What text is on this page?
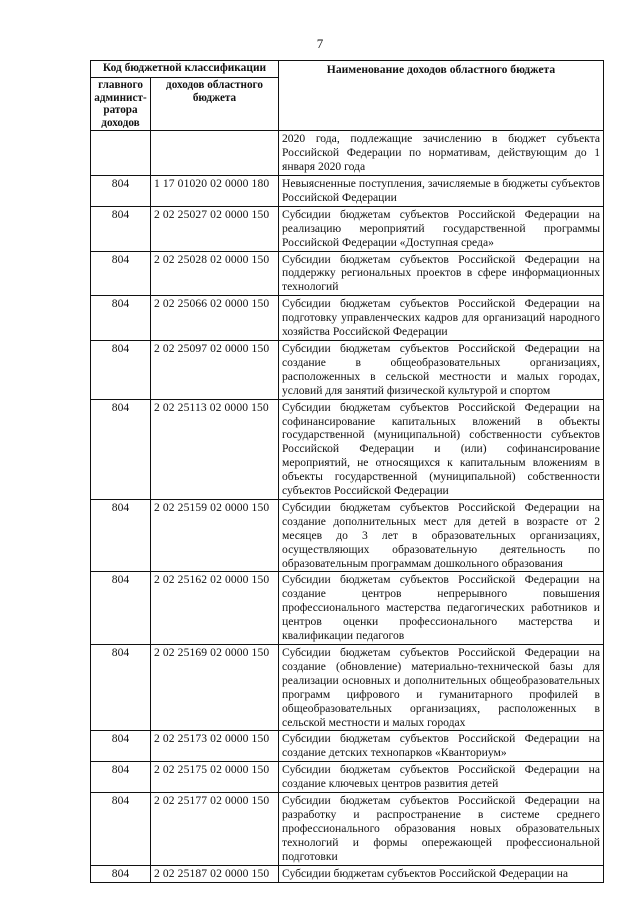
7
Код бюджетной классификации		Наименование доходов областного бюджета
главного админист-ратора доходов	доходов областного бюджета	
		2020 года, подлежащие зачислению в бюджет субъекта Российской Федерации по нормативам, действующим до 1 января 2020 года
804	1 17 01020 02 0000 180	Невыясненные поступления, зачисляемые в бюджеты субъектов Российской Федерации
804	2 02 25027 02 0000 150	Субсидии бюджетам субъектов Российской Федерации на реализацию мероприятий государственной программы Российской Федерации «Доступная среда»
804	2 02 25028 02 0000 150	Субсидии бюджетам субъектов Российской Федерации на поддержку региональных проектов в сфере информационных технологий
804	2 02 25066 02 0000 150	Субсидии бюджетам субъектов Российской Федерации на подготовку управленческих кадров для организаций народного хозяйства Российской Федерации
804	2 02 25097 02 0000 150	Субсидии бюджетам субъектов Российской Федерации на создание в общеобразовательных организациях, расположенных в сельской местности и малых городах, условий для занятий физической культурой и спортом
804	2 02 25113 02 0000 150	Субсидии бюджетам субъектов Российской Федерации на софинансирование капитальных вложений в объекты государственной (муниципальной) собственности субъектов Российской Федерации и (или) софинансирование мероприятий, не относящихся к капитальным вложениям в объекты государственной (муниципальной) собственности субъектов Российской Федерации
804	2 02 25159 02 0000 150	Субсидии бюджетам субъектов Российской Федерации на создание дополнительных мест для детей в возрасте от 2 месяцев до 3 лет в образовательных организациях, осуществляющих образовательную деятельность по образовательным программам дошкольного образования
804	2 02 25162 02 0000 150	Субсидии бюджетам субъектов Российской Федерации на создание центров непрерывного повышения профессионального мастерства педагогических работников и центров оценки профессионального мастерства и квалификации педагогов
804	2 02 25169 02 0000 150	Субсидии бюджетам субъектов Российской Федерации на создание (обновление) материально-технической базы для реализации основных и дополнительных общеобразовательных программ цифрового и гуманитарного профилей в общеобразовательных организациях, расположенных в сельской местности и малых городах
804	2 02 25173 02 0000 150	Субсидии бюджетам субъектов Российской Федерации на создание детских технопарков «Кванториум»
804	2 02 25175 02 0000 150	Субсидии бюджетам субъектов Российской Федерации на создание ключевых центров развития детей
804	2 02 25177 02 0000 150	Субсидии бюджетам субъектов Российской Федерации на разработку и распространение в системе среднего профессионального образования новых образовательных технологий и формы опережающей профессиональной подготовки
804	2 02 25187 02 0000 150	Субсидии бюджетам субъектов Российской Федерации на
